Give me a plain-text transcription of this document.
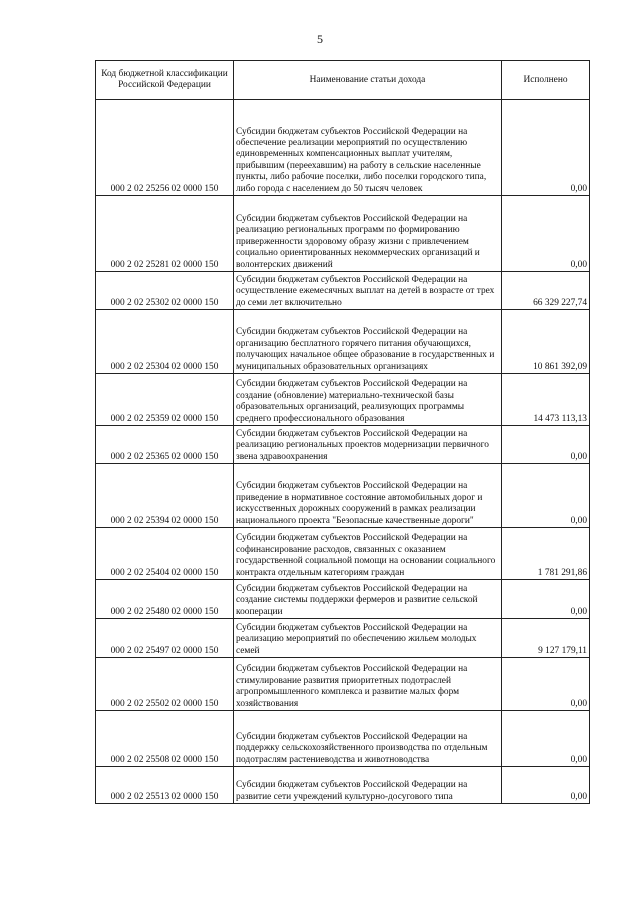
5
Код бюджетной классификации Российской Федерации	Наименование статьи дохода	Исполнено
000 2 02 25256 02 0000 150	Субсидии бюджетам субъектов Российской Федерации на обеспечение реализации мероприятий по осуществлению единовременных компенсационных выплат учителям, прибывшим (переехавшим) на работу в сельские населенные пункты, либо рабочие поселки, либо поселки городского типа, либо города с населением до 50 тысяч человек	0,00
000 2 02 25281 02 0000 150	Субсидии бюджетам субъектов Российской Федерации на реализацию региональных программ по формированию приверженности здоровому образу жизни с привлечением социально ориентированных некоммерческих организаций и волонтерских движений	0,00
000 2 02 25302 02 0000 150	Субсидии бюджетам субъектов Российской Федерации на осуществление ежемесячных выплат на детей в возрасте от трех до семи лет включительно	66 329 227,74
000 2 02 25304 02 0000 150	Субсидии бюджетам субъектов Российской Федерации на организацию бесплатного горячего питания обучающихся, получающих начальное общее образование в государственных и муниципальных образовательных организациях	10 861 392,09
000 2 02 25359 02 0000 150	Субсидии бюджетам субъектов Российской Федерации на создание (обновление) материально-технической базы образовательных организаций, реализующих программы среднего профессионального образования	14 473 113,13
000 2 02 25365 02 0000 150	Субсидии бюджетам субъектов Российской Федерации на реализацию региональных проектов модернизации первичного звена здравоохранения	0,00
000 2 02 25394 02 0000 150	Субсидии бюджетам субъектов Российской Федерации на приведение в нормативное состояние автомобильных дорог и искусственных дорожных сооружений в рамках реализации национального проекта "Безопасные качественные дороги"	0,00
000 2 02 25404 02 0000 150	Субсидии бюджетам субъектов Российской Федерации на софинансирование расходов, связанных с оказанием государственной социальной помощи на основании социального контракта отдельным категориям граждан	1 781 291,86
000 2 02 25480 02 0000 150	Субсидии бюджетам субъектов Российской Федерации на создание системы поддержки фермеров и развитие сельской кооперации	0,00
000 2 02 25497 02 0000 150	Субсидии бюджетам субъектов Российской Федерации на реализацию мероприятий по обеспечению жильем молодых семей	9 127 179,11
000 2 02 25502 02 0000 150	Субсидии бюджетам субъектов Российской Федерации на стимулирование развития приоритетных подотраслей агропромышленного комплекса и развитие малых форм хозяйствования	0,00
000 2 02 25508 02 0000 150	Субсидии бюджетам субъектов Российской Федерации на поддержку сельскохозяйственного производства по отдельным подотраслям растениеводства и животноводства	0,00
000 2 02 25513 02 0000 150	Субсидии бюджетам субъектов Российской Федерации на развитие сети учреждений культурно-досугового типа	0,00
